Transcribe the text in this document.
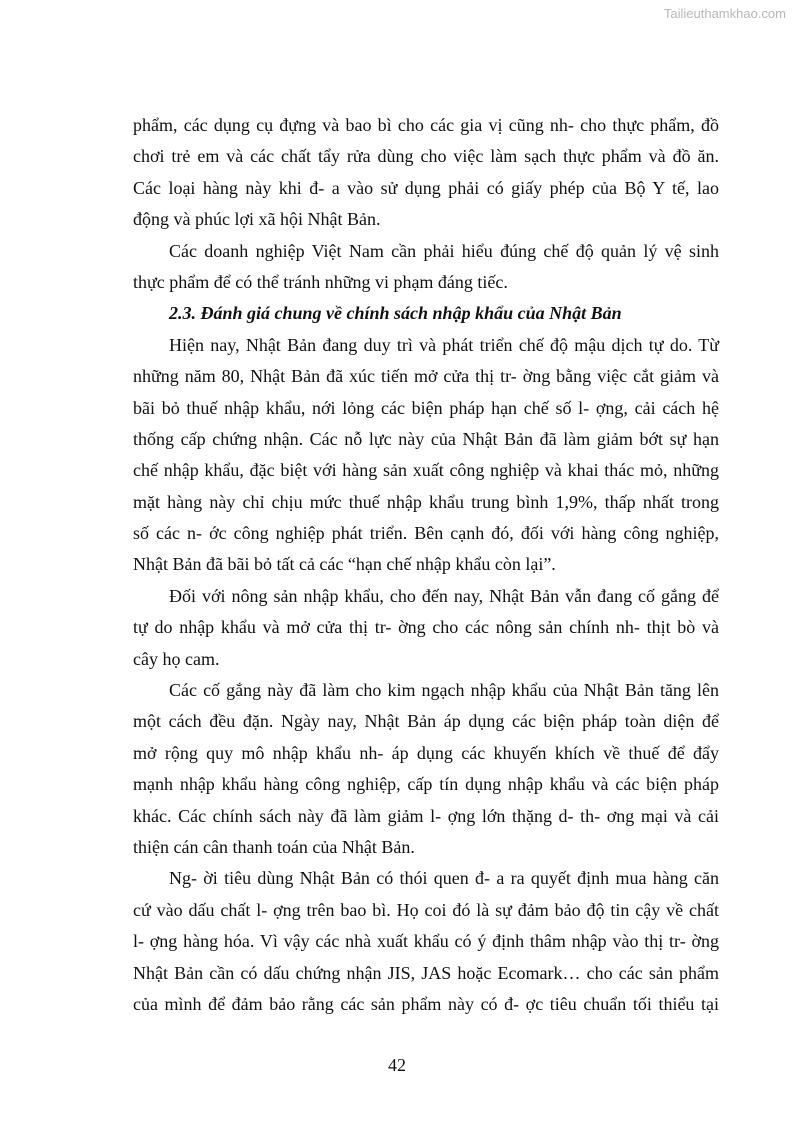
Tailieuthamkhao.com
phẩm, các dụng cụ đựng và bao bì cho các gia vị cũng nh- cho thực phẩm, đồ
chơi trẻ em và các chất tẩy rửa dùng cho việc làm sạch thực phẩm và đồ ăn.
Các loại hàng này khi đ- a vào sử dụng phải có giấy phép của Bộ Y tế, lao
động và phúc lợi xã hội Nhật Bản.
Các doanh nghiệp Việt Nam cần phải hiểu đúng chế độ quản lý vệ sinh
thực phẩm để có thể tránh những vi phạm đáng tiếc.
2.3. Đánh giá chung về chính sách nhập khẩu của Nhật Bản
Hiện nay, Nhật Bản đang duy trì và phát triển chế độ mậu dịch tự do. Từ
những năm 80, Nhật Bản đã xúc tiến mở cửa thị tr- ờng bằng việc cắt giảm và
bãi bỏ thuế nhập khẩu, nới lỏng các biện pháp hạn chế số l- ợng, cải cách hệ
thống cấp chứng nhận. Các nỗ lực này của Nhật Bản đã làm giảm bớt sự hạn
chế nhập khẩu, đặc biệt với hàng sản xuất công nghiệp và khai thác mỏ, những
mặt hàng này chỉ chịu mức thuế nhập khẩu trung bình 1,9%, thấp nhất trong
số các n- ớc công nghiệp phát triển. Bên cạnh đó, đối với hàng công nghiệp,
Nhật Bản đã bãi bỏ tất cả các “hạn chế nhập khẩu còn lại”.
Đối với nông sản nhập khẩu, cho đến nay, Nhật Bản vẫn đang cố gắng để
tự do nhập khẩu và mở cửa thị tr- ờng cho các nông sản chính nh- thịt bò và
cây họ cam.
Các cố gắng này đã làm cho kim ngạch nhập khẩu của Nhật Bản tăng lên
một cách đều đặn. Ngày nay, Nhật Bản áp dụng các biện pháp toàn diện để
mở rộng quy mô nhập khẩu nh- áp dụng các khuyến khích về thuế để đẩy
mạnh nhập khẩu hàng công nghiệp, cấp tín dụng nhập khẩu và các biện pháp
khác. Các chính sách này đã làm giảm l- ợng lớn thặng d- th- ơng mại và cải
thiện cán cân thanh toán của Nhật Bản.
Ng- ời tiêu dùng Nhật Bản có thói quen đ- a ra quyết định mua hàng căn
cứ vào dấu chất l- ợng trên bao bì. Họ coi đó là sự đảm bảo độ tin cậy về chất
l- ợng hàng hóa. Vì vậy các nhà xuất khẩu có ý định thâm nhập vào thị tr- ờng
Nhật Bản cần có dấu chứng nhận JIS, JAS hoặc Ecomark… cho các sản phẩm
của mình để đảm bảo rằng các sản phẩm này có đ- ợc tiêu chuẩn tối thiểu tại
42
